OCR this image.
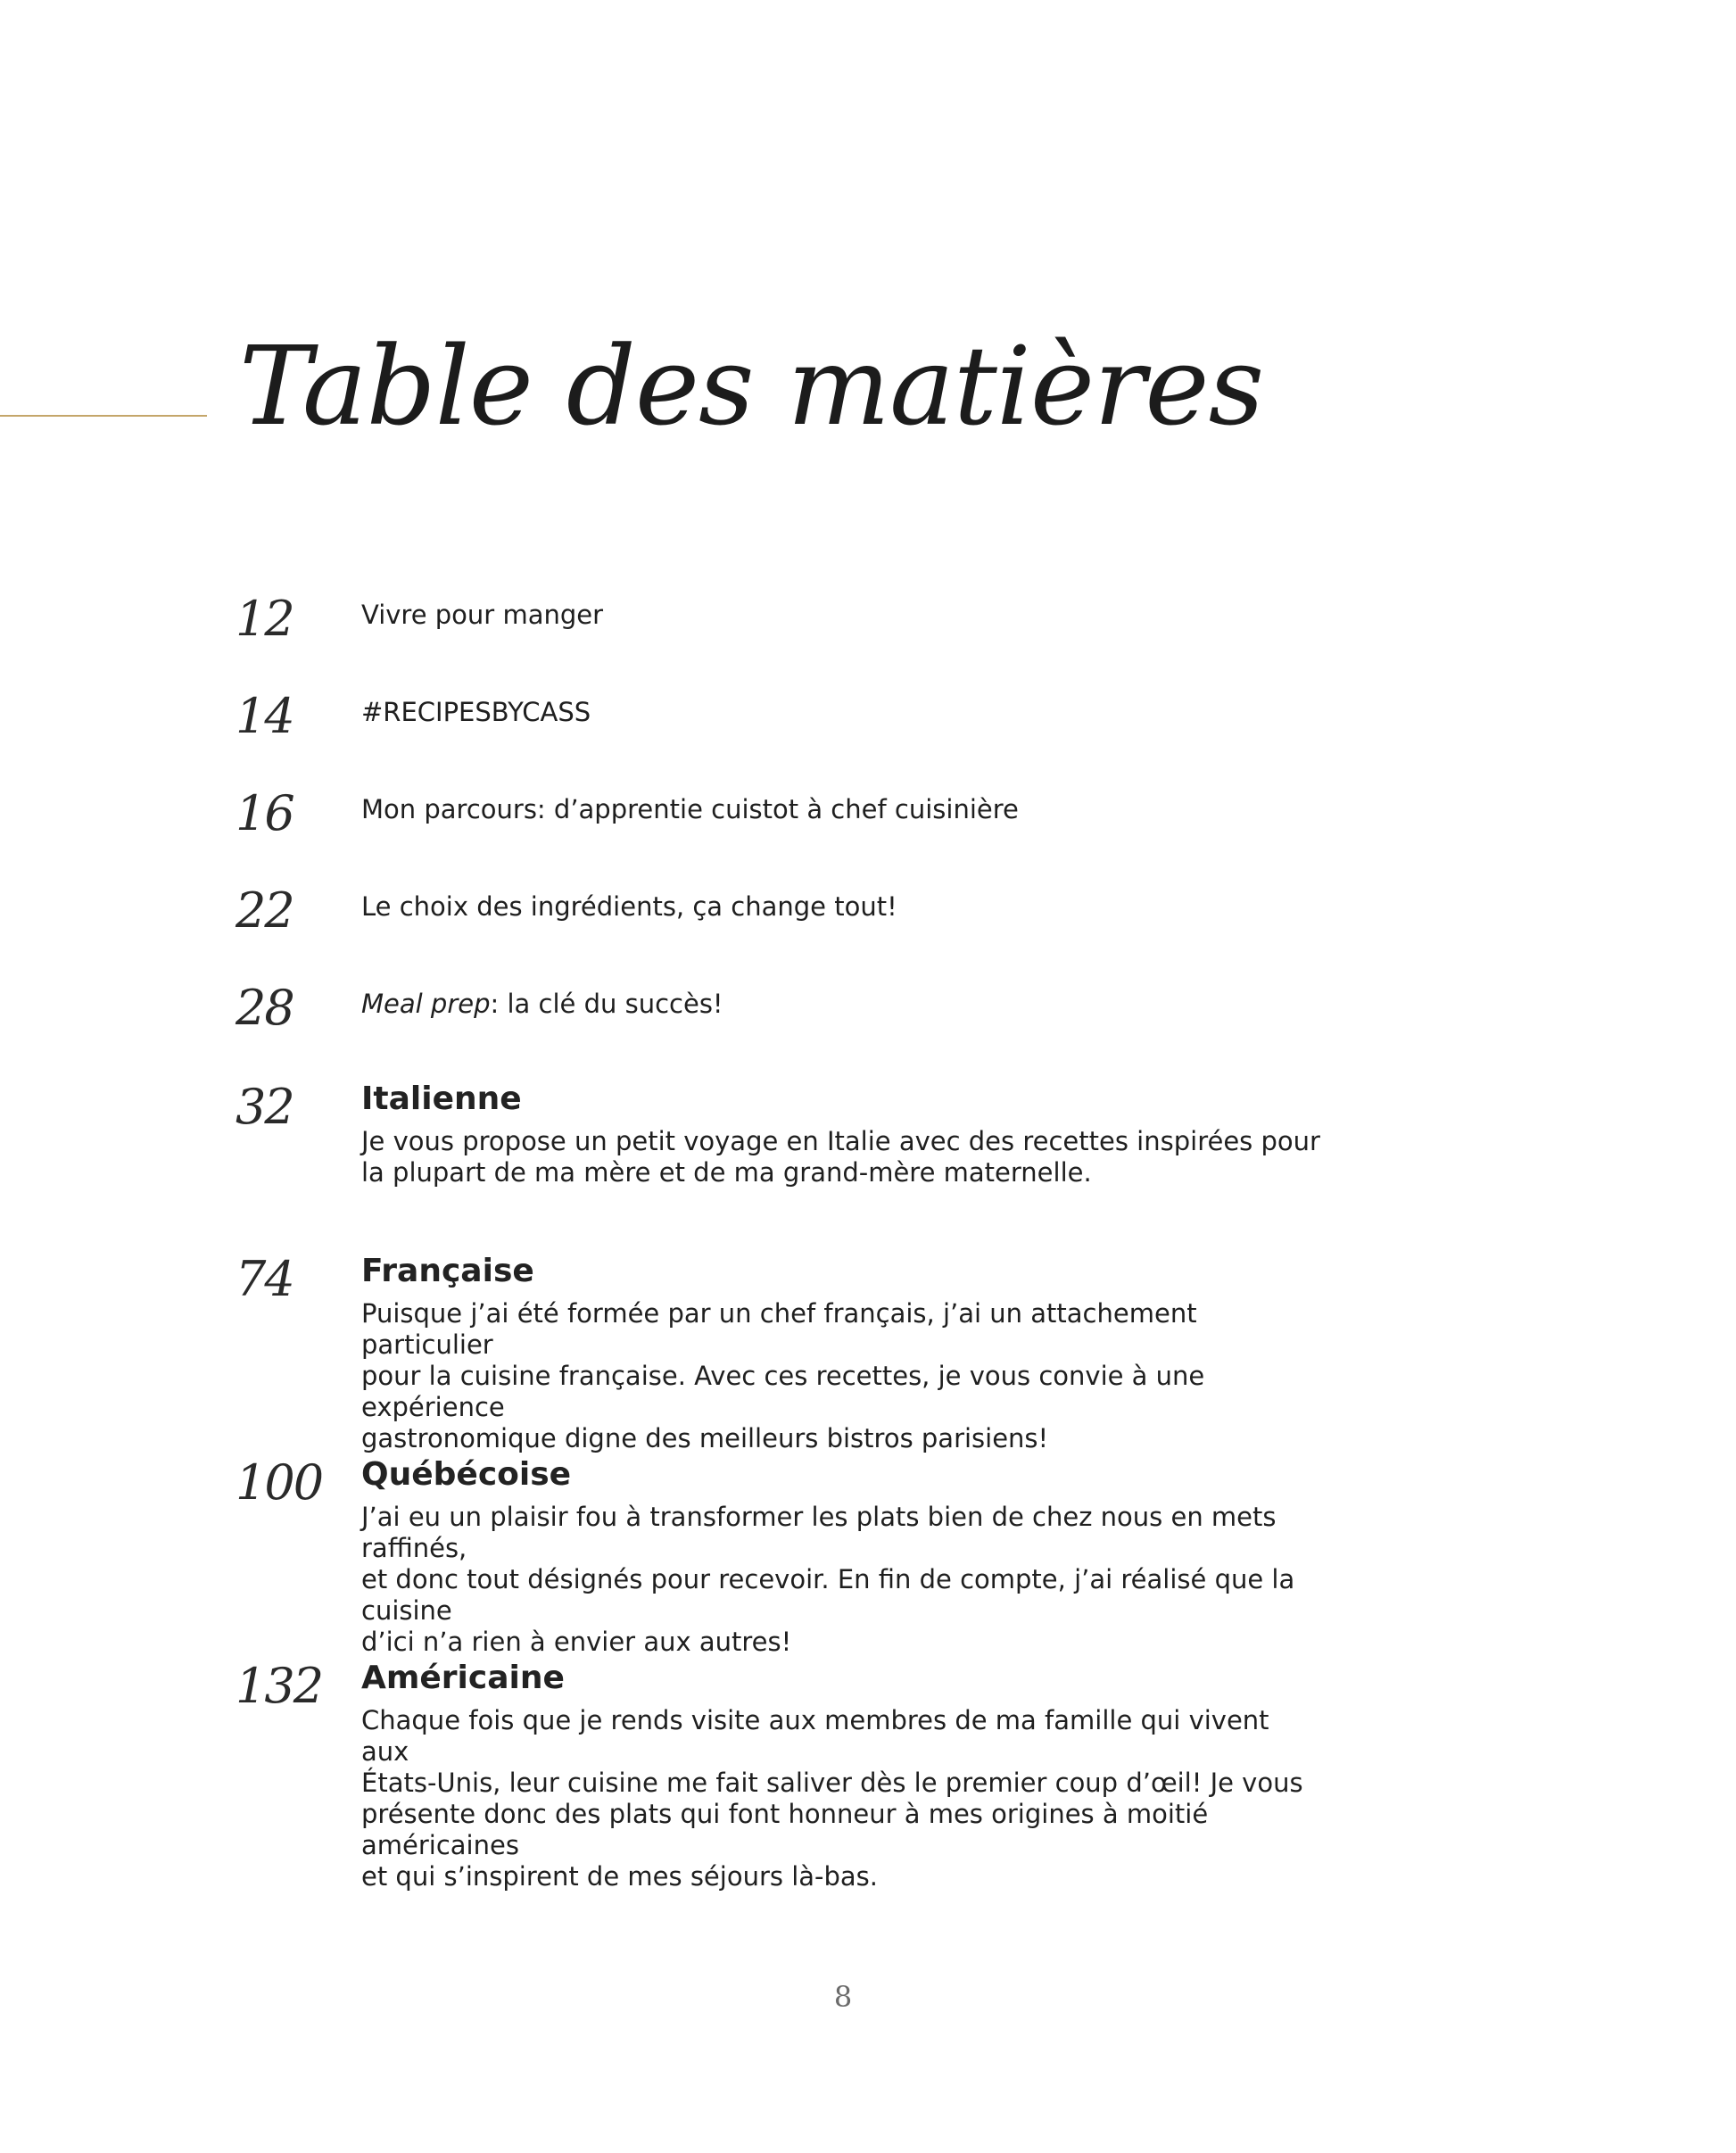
Table des matières
12	Vivre pour manger

14	#RECIPESBYCASS

16	Mon parcours: d’apprentie cuistot à chef cuisinière

22	Le choix des ingrédients, ça change tout!

28	Meal prep: la clé du succès!

32 Italienne

Je vous propose un petit voyage en Italie avec des recettes inspirées pour
la plupart de ma mère et de ma grand-mère maternelle.

74 Française

Puisque j’ai été formée par un chef français, j’ai un attachement particulier
pour la cuisine française. Avec ces recettes, je vous convie à une expérience
gastronomique digne des meilleurs bistros parisiens!

100 Québécoise

J’ai eu un plaisir fou à transformer les plats bien de chez nous en mets raffinés,
et donc tout désignés pour recevoir. En fin de compte, j’ai réalisé que la cuisine
d’ici n’a rien à envier aux autres!

132 Américaine

Chaque fois que je rends visite aux membres de ma famille qui vivent aux
États-Unis, leur cuisine me fait saliver dès le premier coup d’œil! Je vous
présente donc des plats qui font honneur à mes origines à moitié américaines
et qui s’inspirent de mes séjours là-bas.

8
